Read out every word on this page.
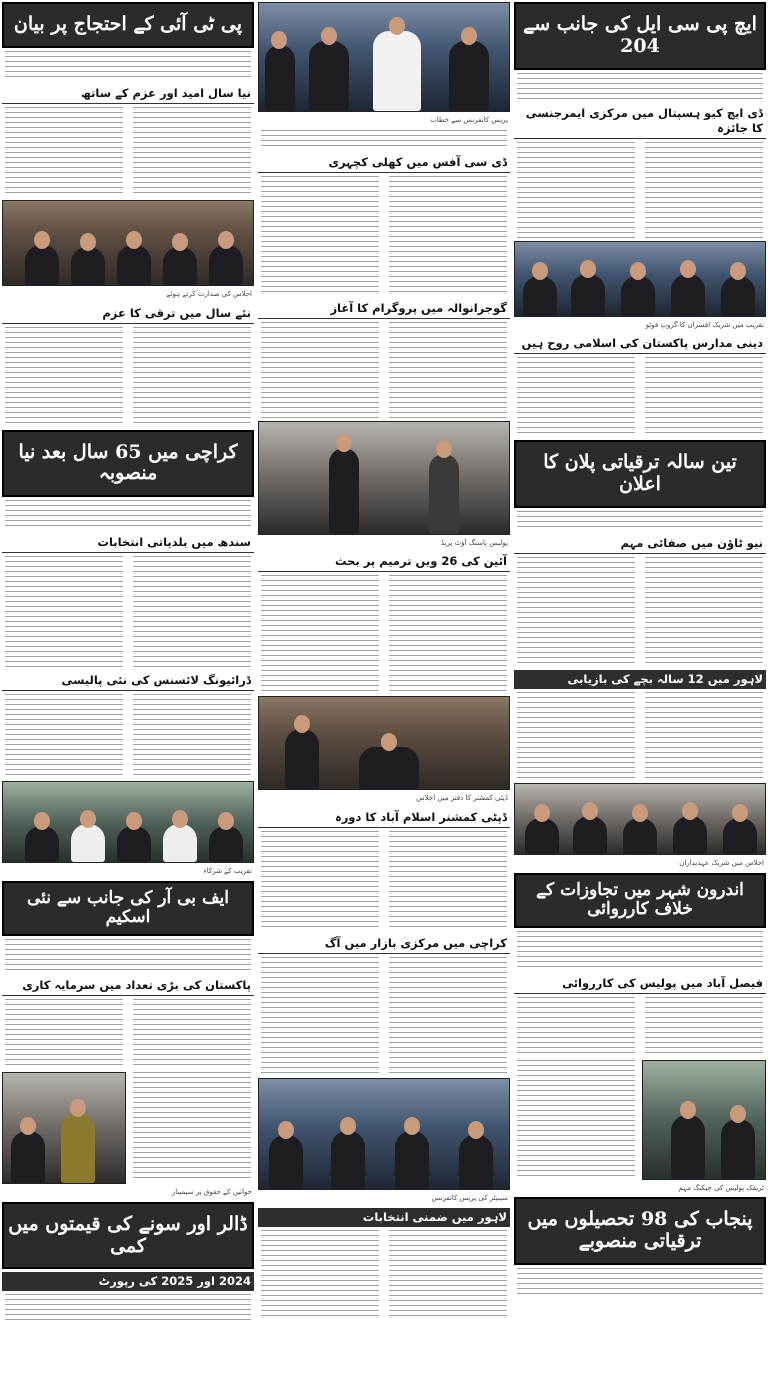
ایچ پی سی ایل کی جانب سے 204
ڈی ایچ کیو ہسپتال میں مرکزی ایمرجنسی کا جائزہ
تقریب میں شریک افسران کا گروپ فوٹو
دینی مدارس پاکستان کی اسلامی روح ہیں
تین سالہ ترقیاتی پلان کا اعلان
نیو ٹاؤن میں صفائی مہم
لاہور میں 12 سالہ بچے کی بازیابی
اجلاس میں شریک عہدیداران
اندرون شہر میں تجاوزات کے خلاف کارروائی
فیصل آباد میں پولیس کی کارروائی
ٹریفک پولیس کی چیکنگ مہم
پنجاب کی 98 تحصیلوں میں ترقیاتی منصوبے
پریس کانفرنس سے خطاب
ڈی سی آفس میں کھلی کچہری
گوجرانوالہ میں پروگرام کا آغاز
پولیس پاسنگ آؤٹ پریڈ
آئین کی 26 ویں ترمیم پر بحث
ڈپٹی کمشنر کا دفتر میں اجلاس
ڈپٹی کمشنر اسلام آباد کا دورہ
کراچی میں مرکزی بازار میں آگ
سینیٹر کی پریس کانفرنس
لاہور میں ضمنی انتخابات
پی ٹی آئی کے احتجاج پر بیان
نیا سال امید اور عزم کے ساتھ
اجلاس کی صدارت کرتے ہوئے
نئے سال میں ترقی کا عزم
کراچی میں 65 سال بعد نیا منصوبہ
سندھ میں بلدیاتی انتخابات
ڈرائیونگ لائسنس کی نئی پالیسی
تقریب کے شرکاء
ایف بی آر کی جانب سے نئی اسکیم
پاکستان کی بڑی تعداد میں سرمایہ کاری
خواتین کے حقوق پر سیمینار
ڈالر اور سونے کی قیمتوں میں کمی
2024 اور 2025 کی رپورٹ
